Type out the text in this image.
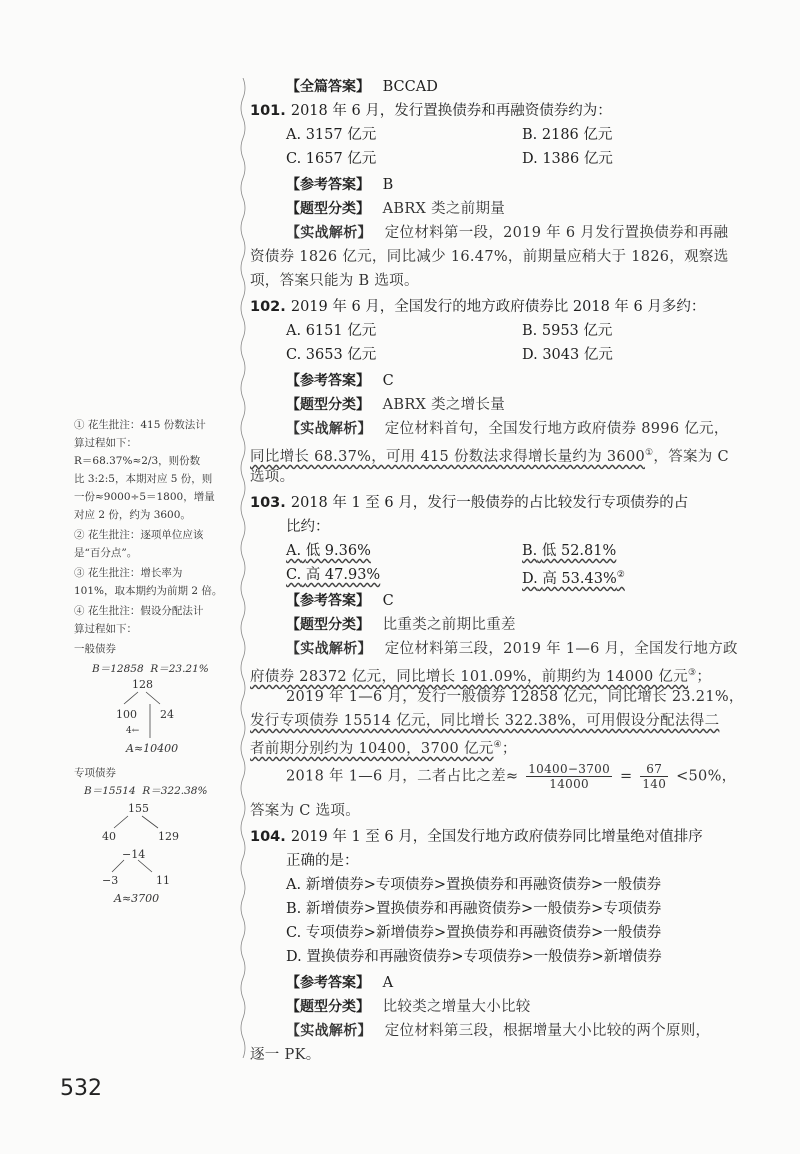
【全篇答案】 BCCAD
101. 2018 年 6 月，发行置换债券和再融资债券约为：
A. 3157 亿元	B. 2186 亿元
C. 1657 亿元	D. 1386 亿元
【参考答案】 B
【题型分类】 ABRX 类之前期量
【实战解析】 定位材料第一段，2019 年 6 月发行置换债券和再融
资债券 1826 亿元，同比减少 16.47%，前期量应稍大于 1826，观察选
项，答案只能为 B 选项。
102. 2019 年 6 月，全国发行的地方政府债券比 2018 年 6 月多约：
A. 6151 亿元	B. 5953 亿元
C. 3653 亿元	D. 3043 亿元
【参考答案】 C
【题型分类】 ABRX 类之增长量
【实战解析】 定位材料首句，全国发行地方政府债券 8996 亿元，
同比增长 68.37%，可用 415 份数法求得增长量约为 3600①，答案为 C
选项。
103. 2018 年 1 至 6 月，发行一般债券的占比较发行专项债券的占
比约：
A. 低 9.36%	B. 低 52.81%
C. 高 47.93%	D. 高 53.43%②
【参考答案】 C
【题型分类】 比重类之前期比重差
【实战解析】 定位材料第三段，2019 年 1—6 月，全国发行地方政
府债券 28372 亿元，同比增长 101.09%，前期约为 14000 亿元③；
2019 年 1—6 月，发行一般债券 12858 亿元，同比增长 23.21%，
发行专项债券 15514 亿元，同比增长 322.38%，可用假设分配法得二
者前期分别约为 10400，3700 亿元④；
2018 年 1—6 月，二者占比之差≈ $\frac{10400-3700}{14000} = \frac{67}{140} <50\%$，
答案为 C 选项。
104. 2019 年 1 至 6 月，全国发行地方政府债券同比增量绝对值排序
正确的是：
A. 新增债券>专项债券>置换债券和再融资债券>一般债券
B. 新增债券>置换债券和再融资债券>一般债券>专项债券
C. 专项债券>新增债券>置换债券和再融资债券>一般债券
D. 置换债券和再融资债券>专项债券>一般债券>新增债券
【参考答案】 A
【题型分类】 比较类之增量大小比较
【实战解析】 定位材料第三段，根据增量大小比较的两个原则，
逐一 PK。
① 花生批注：415 份数法计
算过程如下：
R＝68.37%≈2/3，则份数
比 3:2:5，本期对应 5 份，则
一份≈9000÷5＝1800，增量
对应 2 份，约为 3600。
② 花生批注：逐项单位应该
是“百分点”。
③ 花生批注：增长率为
101%，取本期约为前期 2 倍。
④ 花生批注：假设分配法计
算过程如下：
一般债券
B＝12858 R＝23.21%
128
100 24
4←
A≈10400
专项债券
B＝15514 R＝322.38%
155
40	129
−14
−3	11
A≈3700
532
